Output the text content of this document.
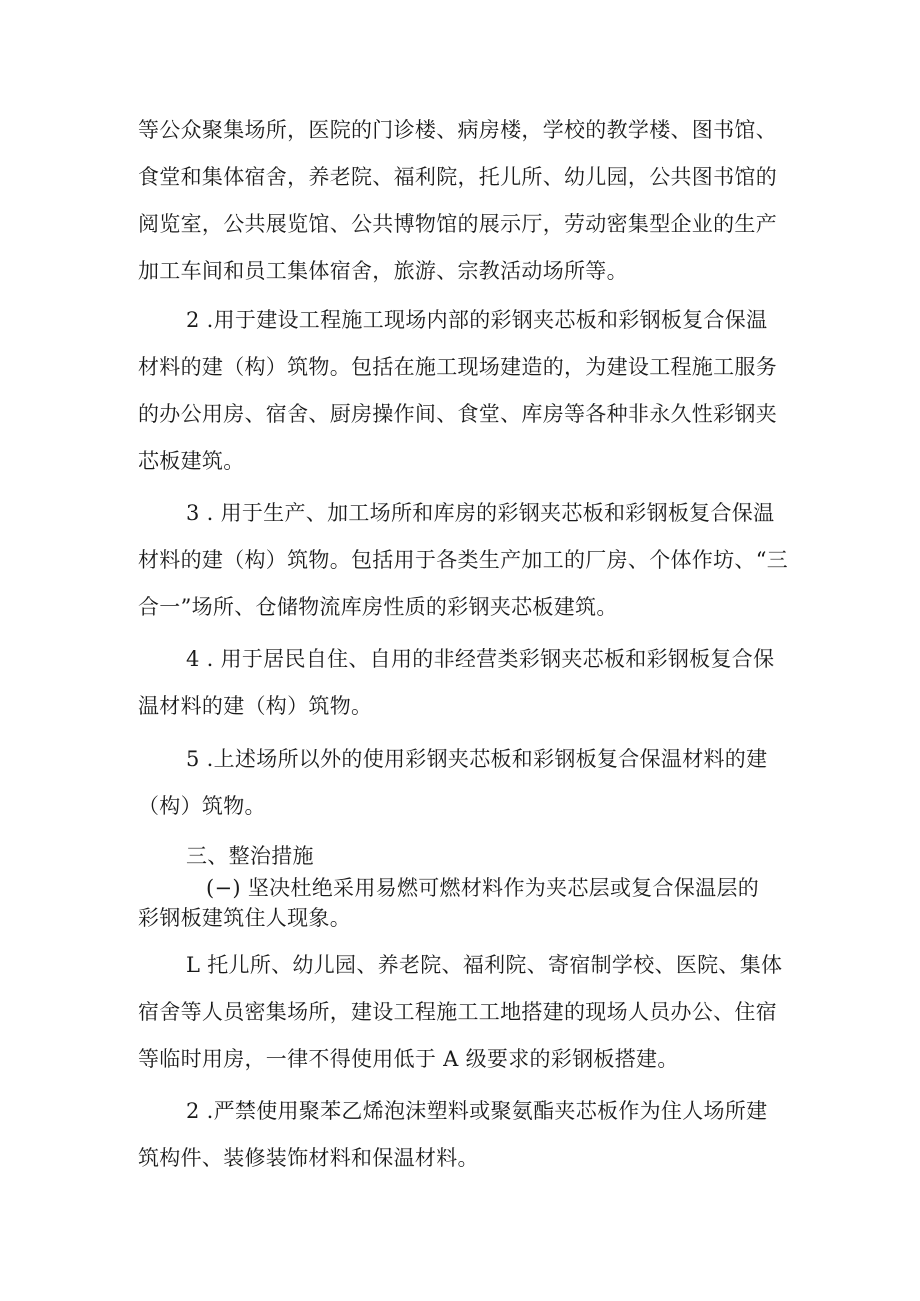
等公众聚集场所，医院的门诊楼、病房楼，学校的教学楼、图书馆、
食堂和集体宿舍，养老院、福利院，托儿所、幼儿园，公共图书馆的
阅览室，公共展览馆、公共博物馆的展示厅，劳动密集型企业的生产
加工车间和员工集体宿舍，旅游、宗教活动场所等。
2 .用于建设工程施工现场内部的彩钢夹芯板和彩钢板复合保温
材料的建（构）筑物。包括在施工现场建造的，为建设工程施工服务
的办公用房、宿舍、厨房操作间、食堂、库房等各种非永久性彩钢夹
芯板建筑。
3 . 用于生产、加工场所和库房的彩钢夹芯板和彩钢板复合保温
材料的建（构）筑物。包括用于各类生产加工的厂房、个体作坊、“三
合一”场所、仓储物流库房性质的彩钢夹芯板建筑。
4 . 用于居民自住、自用的非经营类彩钢夹芯板和彩钢板复合保
温材料的建（构）筑物。
5 .上述场所以外的使用彩钢夹芯板和彩钢板复合保温材料的建
（构）筑物。
三、整治措施
(−) 坚决杜绝采用易燃可燃材料作为夹芯层或复合保温层的
彩钢板建筑住人现象。
L 托儿所、幼儿园、养老院、福利院、寄宿制学校、医院、集体
宿舍等人员密集场所，建设工程施工工地搭建的现场人员办公、住宿
等临时用房，一律不得使用低于 A 级要求的彩钢板搭建。
2 .严禁使用聚苯乙烯泡沫塑料或聚氨酯夹芯板作为住人场所建
筑构件、装修装饰材料和保温材料。
